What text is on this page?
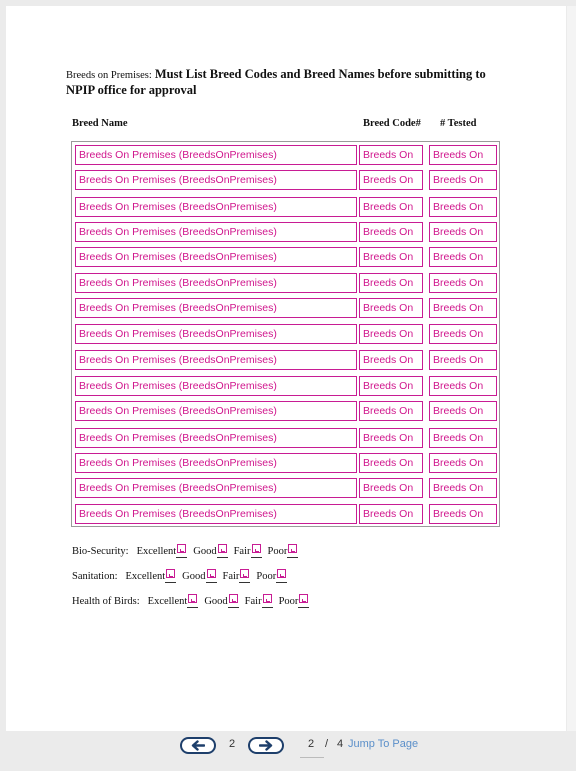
Breeds on Premises: Must List Breed Codes and Breed Names before submitting to NPIP office for approval
Breed Name	Breed Code# # Tested
Breeds On Premises (BreedsOnPremises)	Breeds On	Breeds On
Breeds On Premises (BreedsOnPremises)	Breeds On	Breeds On
Breeds On Premises (BreedsOnPremises)	Breeds On	Breeds On
Breeds On Premises (BreedsOnPremises)	Breeds On	Breeds On
Breeds On Premises (BreedsOnPremises)	Breeds On	Breeds On
Breeds On Premises (BreedsOnPremises)	Breeds On	Breeds On
Breeds On Premises (BreedsOnPremises)	Breeds On	Breeds On
Breeds On Premises (BreedsOnPremises)	Breeds On	Breeds On
Breeds On Premises (BreedsOnPremises)	Breeds On	Breeds On
Breeds On Premises (BreedsOnPremises)	Breeds On	Breeds On
Breeds On Premises (BreedsOnPremises)	Breeds On	Breeds On
Breeds On Premises (BreedsOnPremises)	Breeds On	Breeds On
Breeds On Premises (BreedsOnPremises)	Breeds On	Breeds On
Breeds On Premises (BreedsOnPremises)	Breeds On	Breeds On
Breeds On Premises (BreedsOnPremises)	Breeds On	Breeds On
Bio-Security: Excellent Good Fair Poor
Sanitation: Excellent Good Fair Poor
Health of Birds: Excellent Good Fair Poor
2	2 / 4 Jump To Page
